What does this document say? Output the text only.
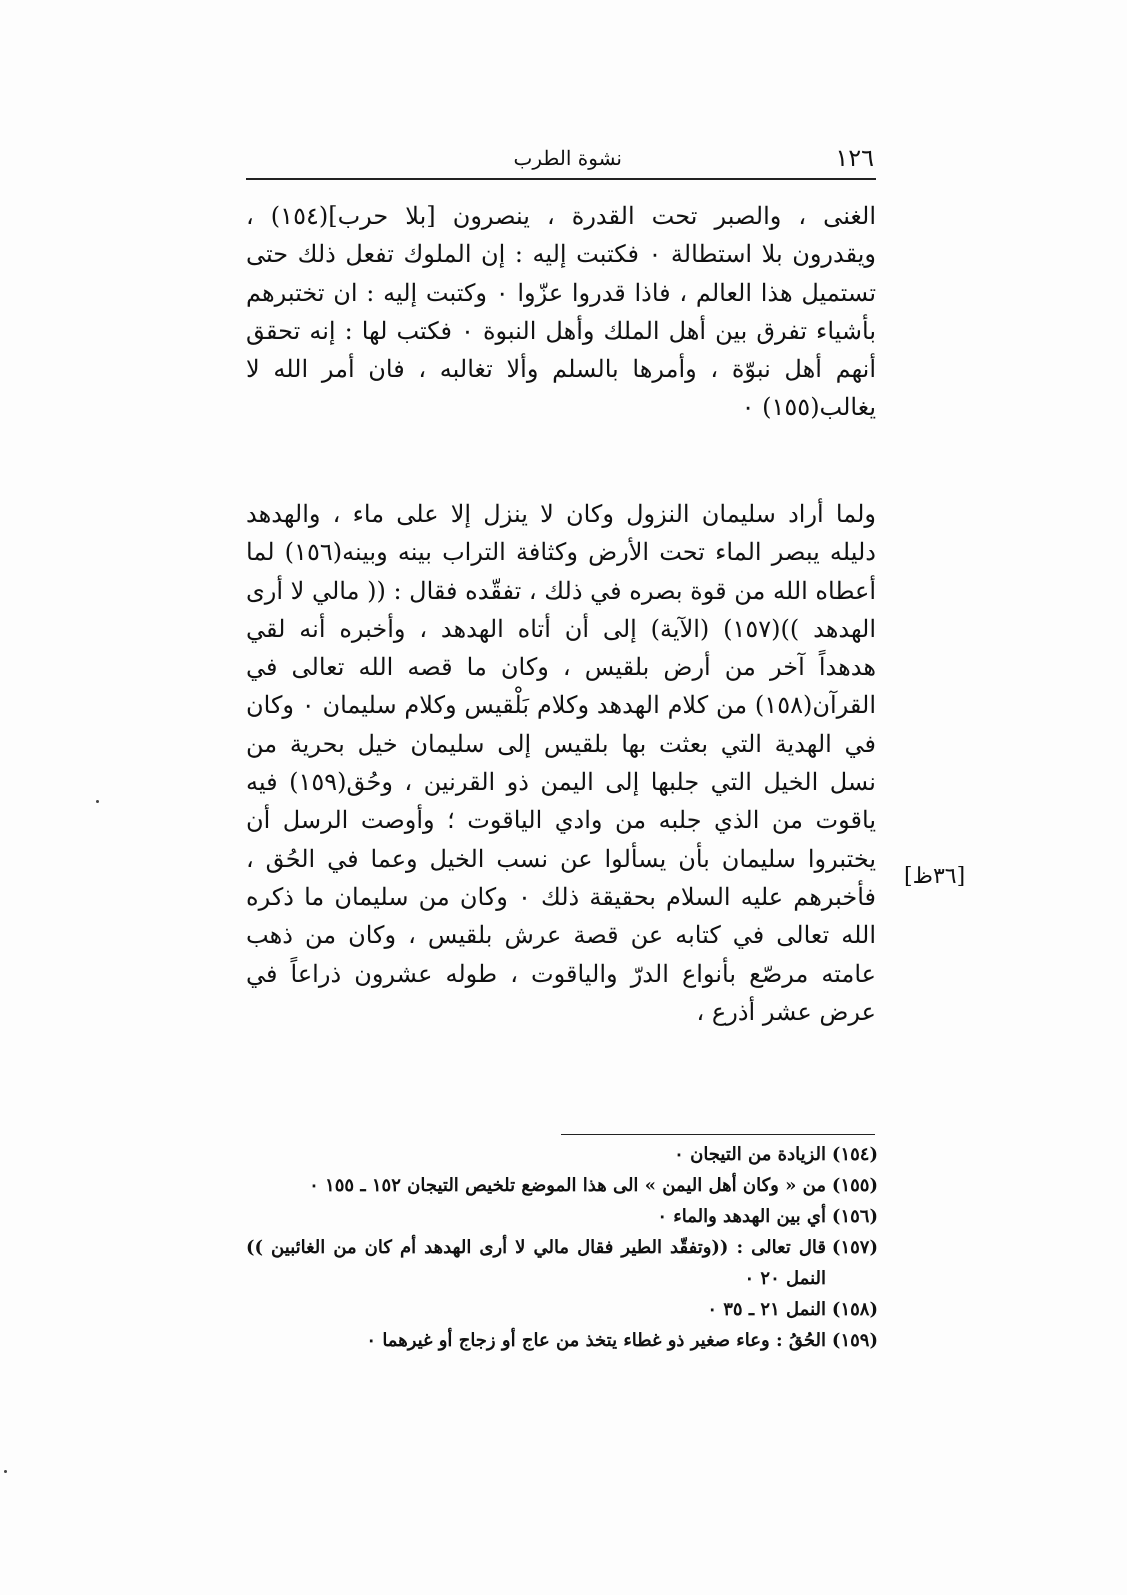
١٢٦
نشوة الطرب

الغنى ، والصبر تحت القدرة ، ينصرون [بلا حرب](١٥٤) ، ويقدرون بلا استطالة ٠ فكتبت إليه : إن الملوك تفعل ذلك حتى تستميل هذا العالم ، فاذا قدروا عزّوا ٠ وكتبت إليه : ان تختبرهم بأشياء تفرق بين أهل الملك وأهل النبوة ٠ فكتب لها : إنه تحقق أنهم أهل نبوّة ، وأمرها بالسلم وألا تغالبه ، فان أمر الله لا يغالب(١٥٥) ٠

ولما أراد سليمان النزول وكان لا ينزل إلا على ماء ، والهدهد دليله يبصر الماء تحت الأرض وكثافة التراب بينه وبينه(١٥٦) لما أعطاه الله من قوة بصره في ذلك ، تفقّده فقال : (( مالي لا أرى الهدهد ))(١٥٧) (الآية) إلى أن أتاه الهدهد ، وأخبره أنه لقي هدهداً آخر من أرض بلقيس ، وكان ما قصه الله تعالى في القرآن(١٥٨) من كلام الهدهد وكلام بَلْقيس وكلام سليمان ٠ وكان في الهدية التي بعثت بها بلقيس إلى سليمان خيل بحرية من نسل الخيل التي جلبها إلى اليمن ذو القرنين ، وحُق(١٥٩) فيه ياقوت من الذي جلبه من وادي الياقوت ؛ وأوصت الرسل أن يختبروا سليمان بأن يسألوا عن نسب الخيل وعما في الحُق ، فأخبرهم عليه السلام بحقيقة ذلك ٠ وكان من سليمان ما ذكره الله تعالى في كتابه عن قصة عرش بلقيس ، وكان من ذهب عامته مرصّع بأنواع الدرّ والياقوت ، طوله عشرون ذراعاً في عرض عشر أذرع ،

[٣٦ظ]

(١٥٤)
الزيادة من التيجان ٠

(١٥٥)
من « وكان أهل اليمن » الى هذا الموضع تلخيص التيجان ١٥٢ ـ ١٥٥ ٠

(١٥٦)
أي بين الهدهد والماء ٠

(١٥٧)
قال تعالى : ((وتفقّد الطير فقال مالي لا أرى الهدهد أم كان من الغائبين )) النمل ٢٠ ٠

(١٥٨)
النمل ٢١ ـ ٣٥ ٠

(١٥٩)
الحُقُ : وعاء صغير ذو غطاء يتخذ من عاج أو زجاج أو غيرهما ٠
